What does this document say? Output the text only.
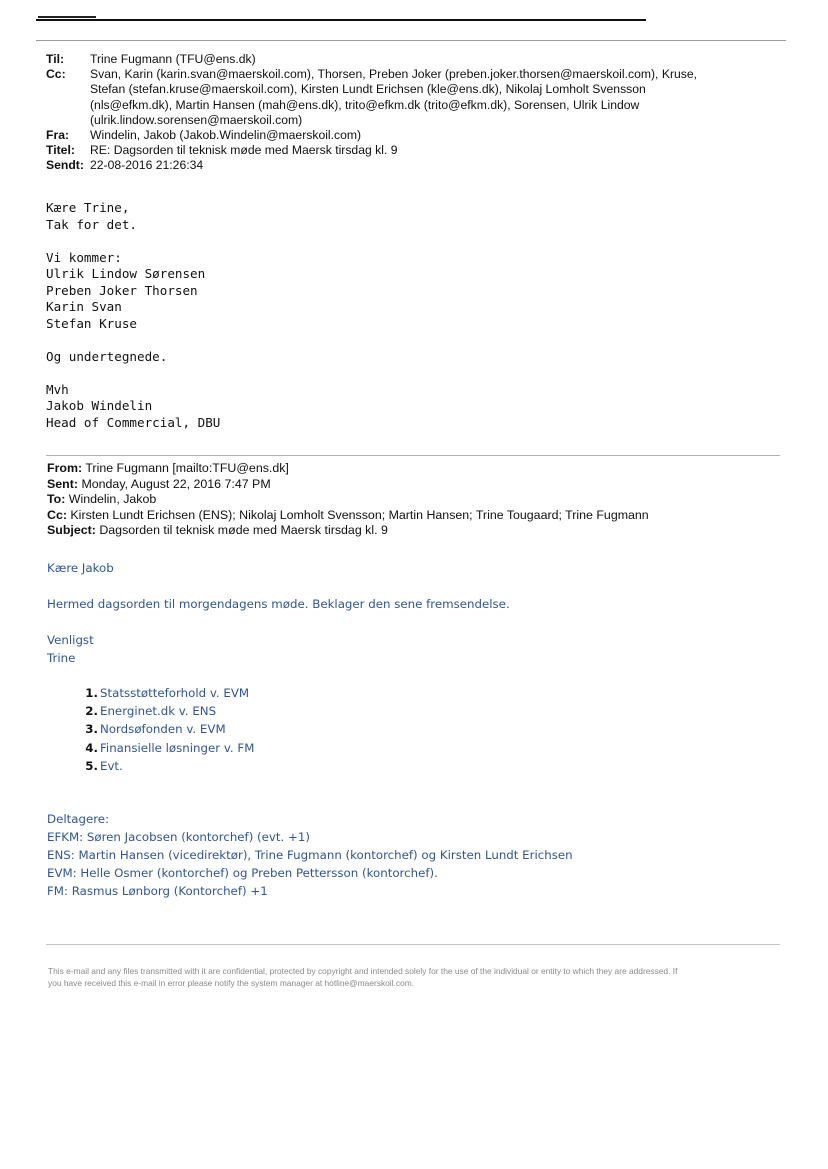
Til:	Trine Fugmann (TFU@ens.dk)
Cc:	Svan, Karin (karin.svan@maerskoil.com), Thorsen, Preben Joker (preben.joker.thorsen@maerskoil.com), Kruse,
Stefan (stefan.kruse@maerskoil.com), Kirsten Lundt Erichsen (kle@ens.dk), Nikolaj Lomholt Svensson
(nls@efkm.dk), Martin Hansen (mah@ens.dk), trito@efkm.dk (trito@efkm.dk), Sorensen, Ulrik Lindow
(ulrik.lindow.sorensen@maerskoil.com)
Fra:	Windelin, Jakob (Jakob.Windelin@maerskoil.com)
Titel:	RE: Dagsorden til teknisk møde med Maersk tirsdag kl. 9
Sendt: 22-08-2016 21:26:34

Kære Trine,

Tak for det.

Vi kommer:

Ulrik Lindow Sørensen

Preben Joker Thorsen

Karin Svan

Stefan Kruse

Og undertegnede.

Mvh

Jakob Windelin

Head of Commercial, DBU

From: Trine Fugmann [mailto:TFU@ens.dk]
Sent: Monday, August 22, 2016 7:47 PM
To: Windelin, Jakob
Cc: Kirsten Lundt Erichsen (ENS); Nikolaj Lomholt Svensson; Martin Hansen; Trine Tougaard; Trine Fugmann
Subject: Dagsorden til teknisk møde med Maersk tirsdag kl. 9

Kære Jakob

Hermed dagsorden til morgendagens møde. Beklager den sene fremsendelse.

Venligst

Trine

1. Statsstøtteforhold v. EVM
2. Energinet.dk v. ENS
3. Nordsøfonden v. EVM
4. Finansielle løsninger v. FM
5. Evt.

Deltagere:

EFKM: Søren Jacobsen (kontorchef) (evt. +1)

ENS: Martin Hansen (vicedirektør), Trine Fugmann (kontorchef) og Kirsten Lundt Erichsen

EVM: Helle Osmer (kontorchef) og Preben Pettersson (kontorchef).

FM: Rasmus Lønborg (Kontorchef) +1

This e-mail and any files transmitted with it are confidential, protected by copyright and intended solely for the use of the individual or entity to which they are addressed. If
you have received this e-mail in error please notify the system manager at hotline@maerskoil.com.
